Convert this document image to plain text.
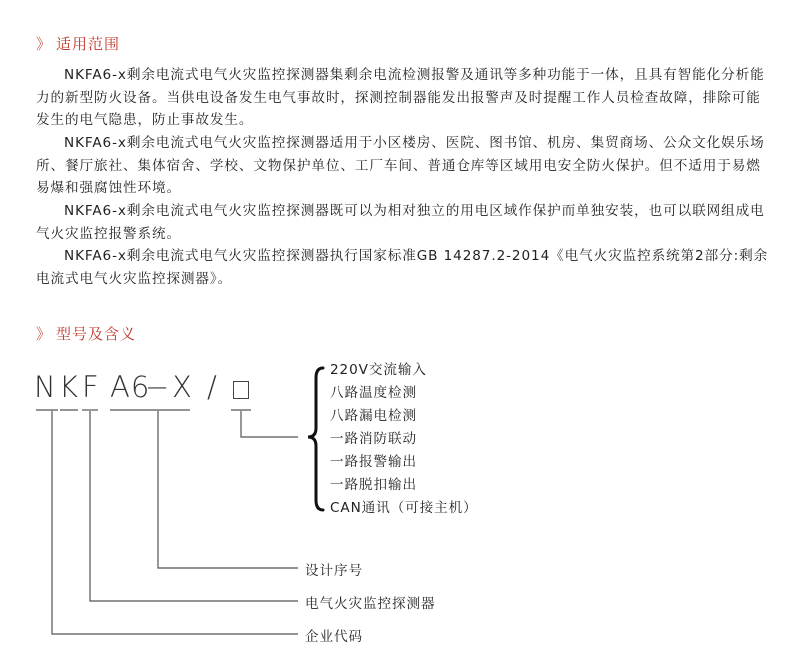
》 适用范围

NKFA6-x剩余电流式电气火灾监控探测器集剩余电流检测报警及通讯等多种功能于一体，且具有智能化分析能力的新型防火设备。当供电设备发生电气事故时，探测控制器能发出报警声及时提醒工作人员检查故障，排除可能发生的电气隐患，防止事故发生。

NKFA6-x剩余电流式电气火灾监控探测器适用于小区楼房、医院、图书馆、机房、集贸商场、公众文化娱乐场所、餐厅旅社、集体宿舍、学校、文物保护单位、工厂车间、普通仓库等区域用电安全防火保护。但不适用于易燃易爆和强腐蚀性环境。

NKFA6-x剩余电流式电气火灾监控探测器既可以为相对独立的用电区域作保护而单独安装，也可以联网组成电气火灾监控报警系统。

NKFA6-x剩余电流式电气火灾监控探测器执行国家标准GB 14287.2-2014《电气火灾监控系统第2部分:剩余电流式电气火灾监控探测器》。

》 型号及含义
N K F A6
− X /	220V交流输入
八路温度检测
八路漏电检测
一路消防联动
一路报警输出
一路脱扣输出
CAN通讯（可接主机）
设计序号
电气火灾监控探测器
企业代码
